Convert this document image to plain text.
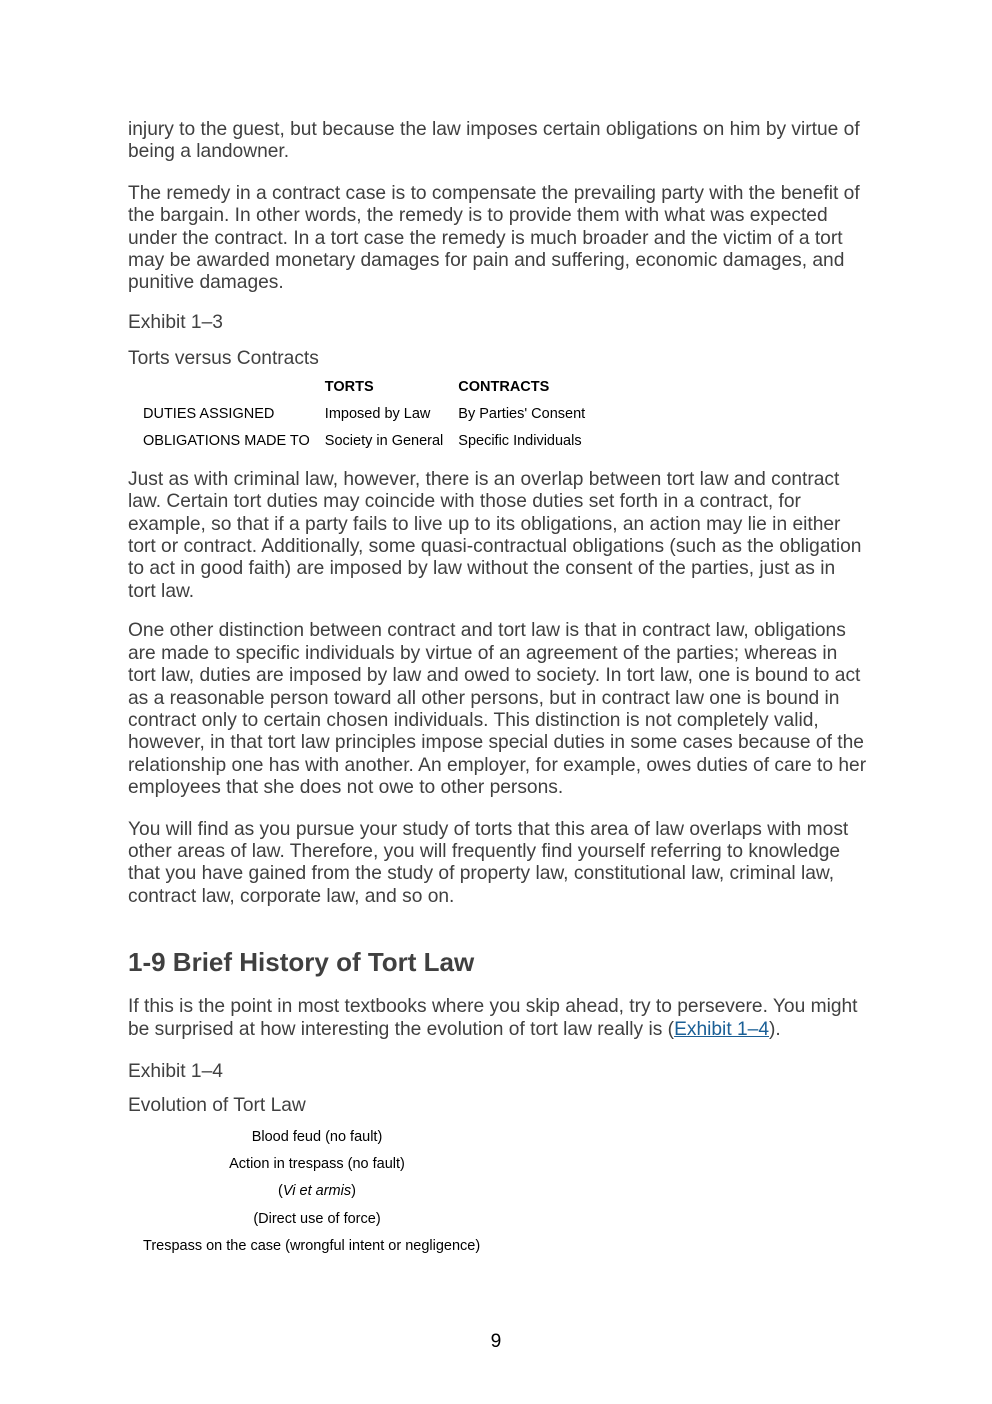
injury to the guest, but because the law imposes certain obligations on him by virtue of being a landowner.

The remedy in a contract case is to compensate the prevailing party with the benefit of the bargain. In other words, the remedy is to provide them with what was expected under the contract. In a tort case the remedy is much broader and the victim of a tort may be awarded monetary damages for pain and suffering, economic damages, and punitive damages.

Exhibit 1–3
Torts versus Contracts
	TORTS	CONTRACTS
DUTIES ASSIGNED	Imposed by Law	By Parties' Consent
OBLIGATIONS MADE TO	Society in General	Specific Individuals

Just as with criminal law, however, there is an overlap between tort law and contract law. Certain tort duties may coincide with those duties set forth in a contract, for example, so that if a party fails to live up to its obligations, an action may lie in either tort or contract. Additionally, some quasi-contractual obligations (such as the obligation to act in good faith) are imposed by law without the consent of the parties, just as in tort law.

One other distinction between contract and tort law is that in contract law, obligations are made to specific individuals by virtue of an agreement of the parties; whereas in tort law, duties are imposed by law and owed to society. In tort law, one is bound to act as a reasonable person toward all other persons, but in contract law one is bound in contract only to certain chosen individuals. This distinction is not completely valid, however, in that tort law principles impose special duties in some cases because of the relationship one has with another. An employer, for example, owes duties of care to her employees that she does not owe to other persons.

You will find as you pursue your study of torts that this area of law overlaps with most other areas of law. Therefore, you will frequently find yourself referring to knowledge that you have gained from the study of property law, constitutional law, criminal law, contract law, corporate law, and so on.

1-9 Brief History of Tort Law

If this is the point in most textbooks where you skip ahead, try to persevere. You might be surprised at how interesting the evolution of tort law really is (Exhibit 1–4).

Exhibit 1–4
Evolution of Tort Law
Blood feud (no fault)
Action in trespass (no fault)
( Vi et armis )
(Direct use of force)
Trespass on the case (wrongful intent or negligence)
9
